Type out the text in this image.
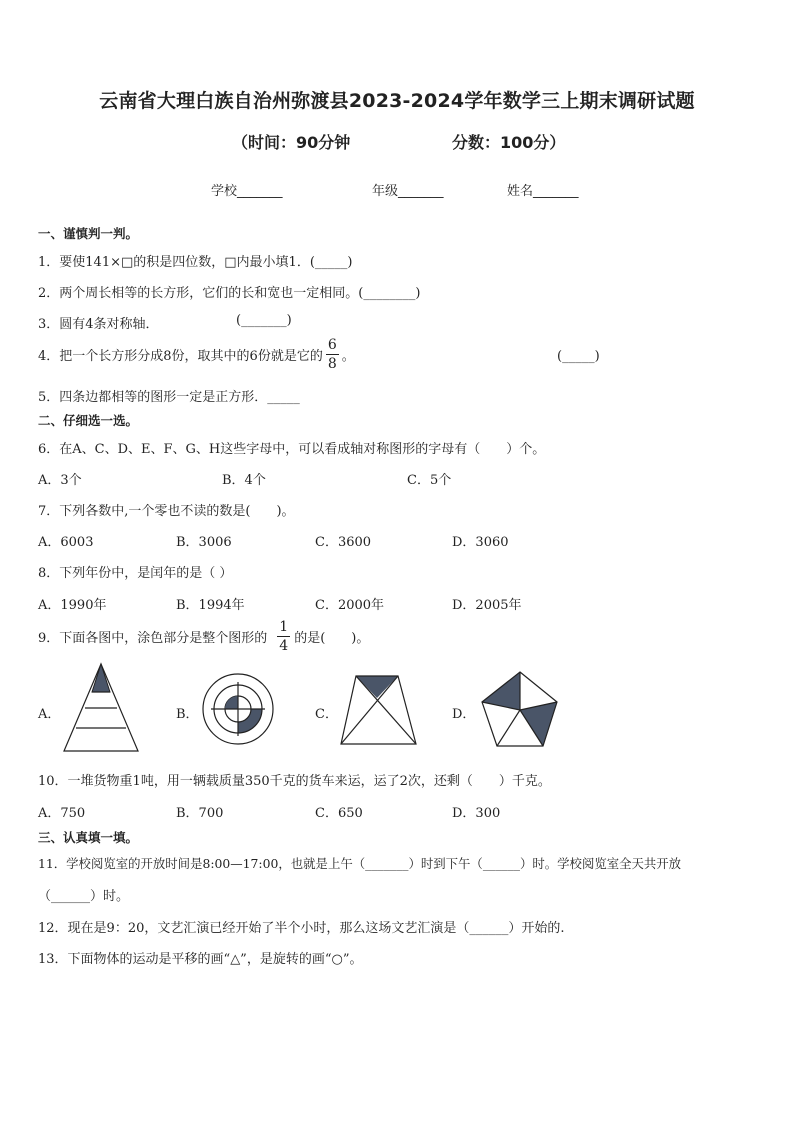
云南省大理白族自治州弥渡县2023-2024学年数学三上期末调研试题
（时间：90分钟	分数：100分）
学校_______	年级_______	姓名_______
一、谨慎判一判。
1．要使141×□的积是四位数，□内最小填1．(_____)
2．两个周长相等的长方形，它们的长和宽也一定相同。(________)
3．圆有4条对称轴．	(_______)
4．把一个长方形分成8份，取其中的6份就是它的 $\frac{6}{8}$ 。	(_____)
5．四条边都相等的图形一定是正方形．_____
二、仔细选一选。
6．在A、C、D、E、F、G、H这些字母中，可以看成轴对称图形的字母有（　　）个。
A．3个	B．4个	C．5个
7．下列各数中,一个零也不读的数是(　　)。
A．6003	B．3006	C．3600	D．3060
8．下列年份中，是闰年的是（ ）
A．1990年	B．1994年	C．2000年	D．2005年
9．下面各图中，涂色部分是整个图形的 $\frac{1}{4}$ 的是(　　)。
A．	B．	C．	D．
10．一堆货物重1吨，用一辆载质量350千克的货车来运，运了2次，还剩（　　）千克。
A．750	B．700	C．650	D．300
三、认真填一填。
11．学校阅览室的开放时间是8:00—17:00，也就是上午（_______）时到下午（______）时。学校阅览室全天共开放
（______）时。
12．现在是9：20，文艺汇演已经开始了半个小时，那么这场文艺汇演是（______）开始的.
13．下面物体的运动是平移的画“△”，是旋转的画“○”。
